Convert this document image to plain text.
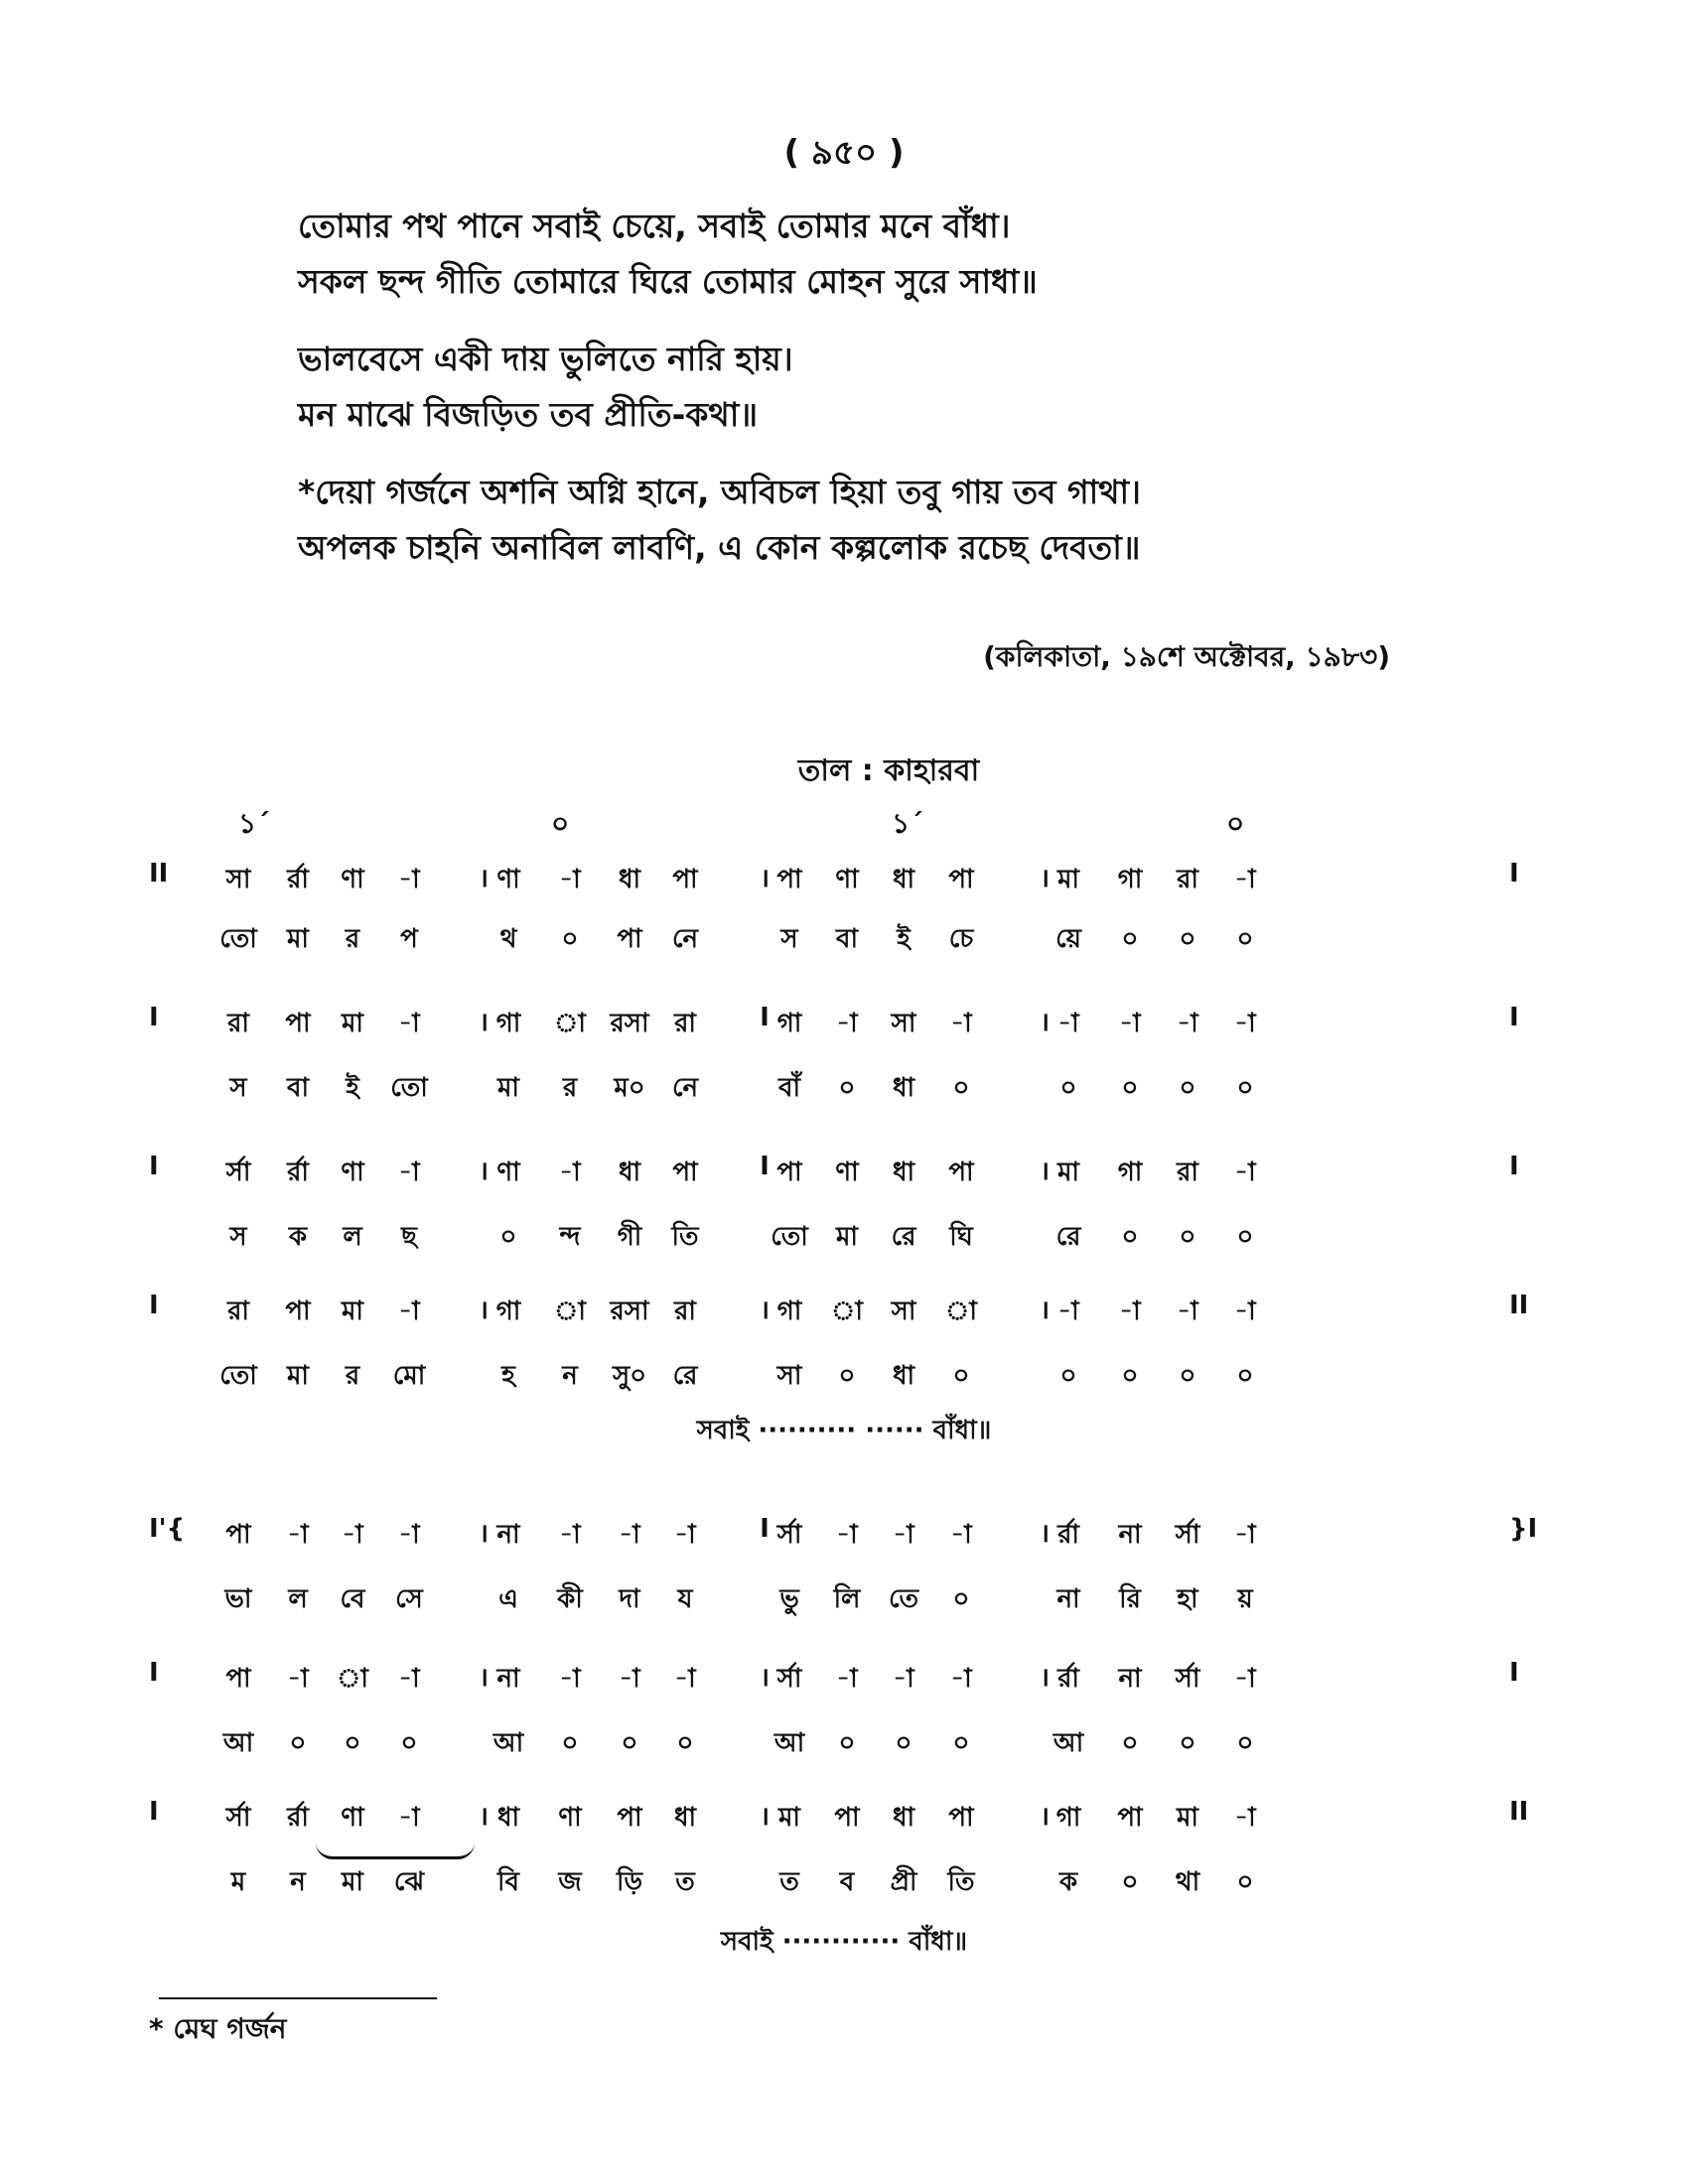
( ৯৫০ )
তোমার পথ পানে সবাই চেয়ে, সবাই তোমার মনে বাঁধা।
সকল ছন্দ গীতি তোমারে ঘিরে তোমার মোহন সুরে সাধা॥
ভালবেসে একী দায় ভুলিতে নারি হায়।
মন মাঝে বিজড়িত তব প্রীতি-কথা॥
*দেয়া গর্জনে অশনি অগ্নি হানে, অবিচল হিয়া তবু গায় তব গাথা।
অপলক চাহনি অনাবিল লাবণি, এ কোন কল্পলোক রচেছ দেবতা॥
(কলিকাতা, ১৯শে অক্টোবর, ১৯৮৩)
তাল : কাহারবা
১´	০	১´	০
II	I
।	।	।
সা	র্রা	ণা	-া	ণা	-া	ধা	পা	পা	ণা	ধা	পা	মা	গা	রা	-া
তো	মা	র	প	থ	০	পা	নে	স	বা	ই	চে	য়ে	০	০	০
I	I
।	I	।
রা	পা	মা	-া	গা	া রসা রা	গা	-া	সা	-া	-া	-া	-া	-া
স	বা	ই	তো	মা	র	ম০	নে	বাঁ	০	ধা	০	০	০	০	০
I	I
।	I	।
র্সা	র্রা	ণা	-া	ণা	-া	ধা	পা	পা	ণা	ধা	পা	মা	গা	রা	-া
স	ক	ল	ছ	০	ন্দ	গী	তি	তো	মা	রে	ঘি	রে	০	০	০
I	II
।	।	।
রা	পা	মা	-া	গা	া রসা রা	গা	া	সা	া	-া	-া	-া	-া
তো	মা	র	মো	হ	ন	সু০	রে	সা	০	ধা	০	০	০	০	০
সবাই ·········· ······ বাঁধা॥
I'{	}I
।	I	।
পা	-া	-া	-া	না	-া	-া	-া	র্সা	-া	-া	-া	র্রা	না	র্সা	-া
ভা	ল	বে	সে	এ	কী	দা	য	ভু	লি	তে	০	না	রি	হা	য়
I	I
।	।	।
পা	-া	া	-া	না	-া	-া	-া	র্সা	-া	-া	-া	র্রা	না	র্সা	-া
আ	০	০	০	আ	০	০	০	আ	০	০	০	আ	০	০	০
I	II
।	।	।
র্সা	র্রা	ণা	-া	ধা	ণা	পা	ধা	মা	পা	ধা	পা	গা	পা	মা	-া
ম	ন	মা	ঝে	বি	জ	ড়ি	ত	ত	ব	প্রী	তি	ক	০	থা	০
সবাই ············ বাঁধা॥
* মেঘ গর্জন
